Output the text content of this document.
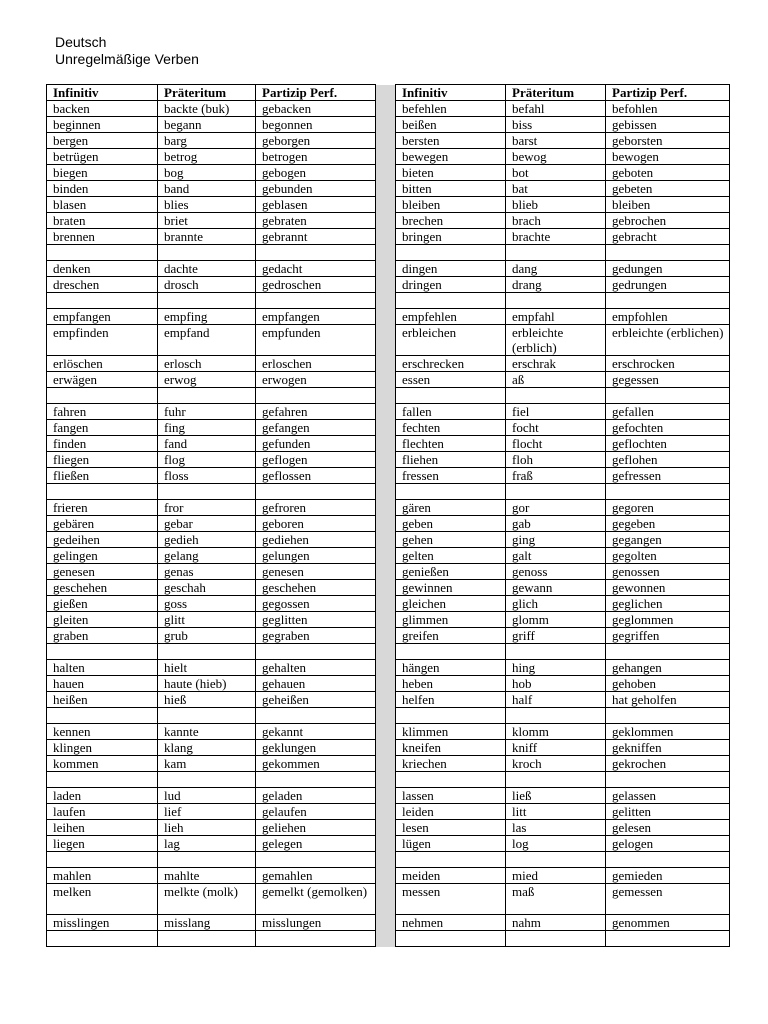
Deutsch
Unregelmäßige Verben
Infinitiv	Präteritum	Partizip Perf.		Infinitiv	Präteritum	Partizip Perf.
backen	backte (buk)	gebacken		befehlen	befahl	befohlen
beginnen	begann	begonnen		beißen	biss	gebissen
bergen	barg	geborgen		bersten	barst	geborsten
betrügen	betrog	betrogen		bewegen	bewog	bewogen
biegen	bog	gebogen		bieten	bot	geboten
binden	band	gebunden		bitten	bat	gebeten
blasen	blies	geblasen		bleiben	blieb	bleiben
braten	briet	gebraten		brechen	brach	gebrochen
brennen	brannte	gebrannt		bringen	brachte	gebracht

denken	dachte	gedacht		dingen	dang	gedungen
dreschen	drosch	gedroschen		dringen	drang	gedrungen

empfangen	empfing	empfangen		empfehlen	empfahl	empfohlen
empfinden	empfand	empfunden		erbleichen	erbleichte (erblich)	erbleichte (erblichen)
erlöschen	erlosch	erloschen		erschrecken	erschrak	erschrocken
erwägen	erwog	erwogen		essen	aß	gegessen

fahren	fuhr	gefahren		fallen	fiel	gefallen
fangen	fing	gefangen		fechten	focht	gefochten
finden	fand	gefunden		flechten	flocht	geflochten
fliegen	flog	geflogen		fliehen	floh	geflohen
fließen	floss	geflossen		fressen	fraß	gefressen

frieren	fror	gefroren		gären	gor	gegoren
gebären	gebar	geboren		geben	gab	gegeben
gedeihen	gedieh	gediehen		gehen	ging	gegangen
gelingen	gelang	gelungen		gelten	galt	gegolten
genesen	genas	genesen		genießen	genoss	genossen
geschehen	geschah	geschehen		gewinnen	gewann	gewonnen
gießen	goss	gegossen		gleichen	glich	geglichen
gleiten	glitt	geglitten		glimmen	glomm	geglommen
graben	grub	gegraben		greifen	griff	gegriffen

halten	hielt	gehalten		hängen	hing	gehangen
hauen	haute (hieb)	gehauen		heben	hob	gehoben
heißen	hieß	geheißen		helfen	half	hat geholfen

kennen	kannte	gekannt		klimmen	klomm	geklommen
klingen	klang	geklungen		kneifen	kniff	gekniffen
kommen	kam	gekommen		kriechen	kroch	gekrochen

laden	lud	geladen		lassen	ließ	gelassen
laufen	lief	gelaufen		leiden	litt	gelitten
leihen	lieh	geliehen		lesen	las	gelesen
liegen	lag	gelegen		lügen	log	gelogen

mahlen	mahlte	gemahlen		meiden	mied	gemieden
melken	melkte (molk)	gemelkt (gemolken)		messen	maß	gemessen
misslingen	misslang	misslungen		nehmen	nahm	genommen
